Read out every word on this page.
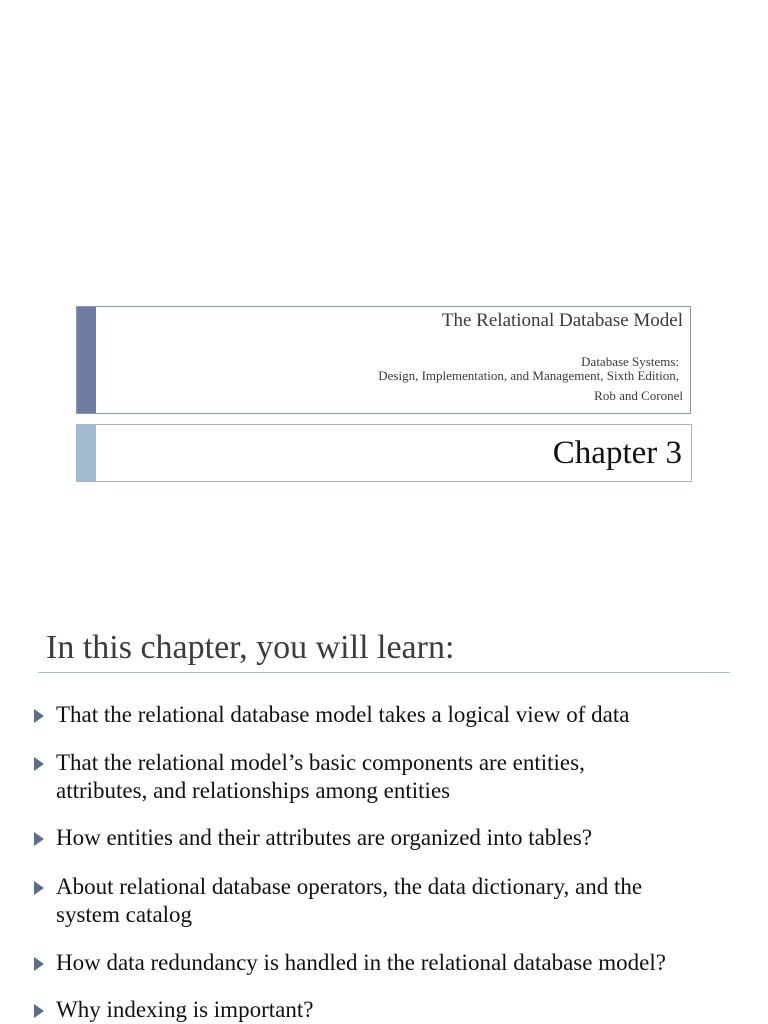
The Relational Database Model
Database Systems:
Design, Implementation, and Management, Sixth Edition,
Rob and Coronel
Chapter 3
In this chapter, you will learn:
That the relational database model takes a logical view of data
That the relational model’s basic components are entities,
attributes, and relationships among entities
How entities and their attributes are organized into tables?
About relational database operators, the data dictionary, and the
system catalog
How data redundancy is handled in the relational database model?
Why indexing is important?
